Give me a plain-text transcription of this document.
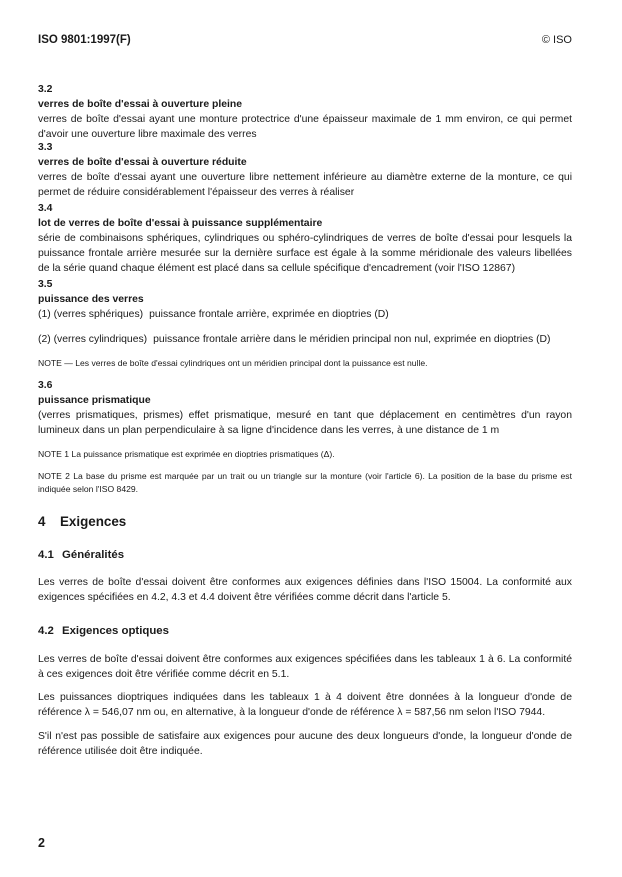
ISO 9801:1997(F)	© ISO
3.2
verres de boîte d'essai à ouverture pleine
verres de boîte d'essai ayant une monture protectrice d'une épaisseur maximale de 1 mm environ, ce qui permet d'avoir une ouverture libre maximale des verres
3.3
verres de boîte d'essai à ouverture réduite
verres de boîte d'essai ayant une ouverture libre nettement inférieure au diamètre externe de la monture, ce qui permet de réduire considérablement l'épaisseur des verres à réaliser
3.4
lot de verres de boîte d'essai à puissance supplémentaire
série de combinaisons sphériques, cylindriques ou sphéro-cylindriques de verres de boîte d'essai pour lesquels la puissance frontale arrière mesurée sur la dernière surface est égale à la somme méridionale des valeurs libellées de la série quand chaque élément est placé dans sa cellule spécifique d'encadrement (voir l'ISO 12867)
3.5
puissance des verres
(1) (verres sphériques) puissance frontale arrière, exprimée en dioptries (D)
(2) (verres cylindriques) puissance frontale arrière dans le méridien principal non nul, exprimée en dioptries (D)
NOTE — Les verres de boîte d'essai cylindriques ont un méridien principal dont la puissance est nulle.
3.6
puissance prismatique
(verres prismatiques, prismes) effet prismatique, mesuré en tant que déplacement en centimètres d'un rayon lumineux dans un plan perpendiculaire à sa ligne d'incidence dans les verres, à une distance de 1 m
NOTE 1 La puissance prismatique est exprimée en dioptries prismatiques (Δ).
NOTE 2 La base du prisme est marquée par un trait ou un triangle sur la monture (voir l'article 6). La position de la base du prisme est indiquée selon l'ISO 8429.
4 Exigences
4.1 Généralités
Les verres de boîte d'essai doivent être conformes aux exigences définies dans l'ISO 15004. La conformité aux exigences spécifiées en 4.2, 4.3 et 4.4 doivent être vérifiées comme décrit dans l'article 5.
4.2 Exigences optiques
Les verres de boîte d'essai doivent être conformes aux exigences spécifiées dans les tableaux 1 à 6. La conformité à ces exigences doit être vérifiée comme décrit en 5.1.
Les puissances dioptriques indiquées dans les tableaux 1 à 4 doivent être données à la longueur d'onde de référence λ = 546,07 nm ou, en alternative, à la longueur d'onde de référence λ = 587,56 nm selon l'ISO 7944.
S'il n'est pas possible de satisfaire aux exigences pour aucune des deux longueurs d'onde, la longueur d'onde de référence utilisée doit être indiquée.
2
